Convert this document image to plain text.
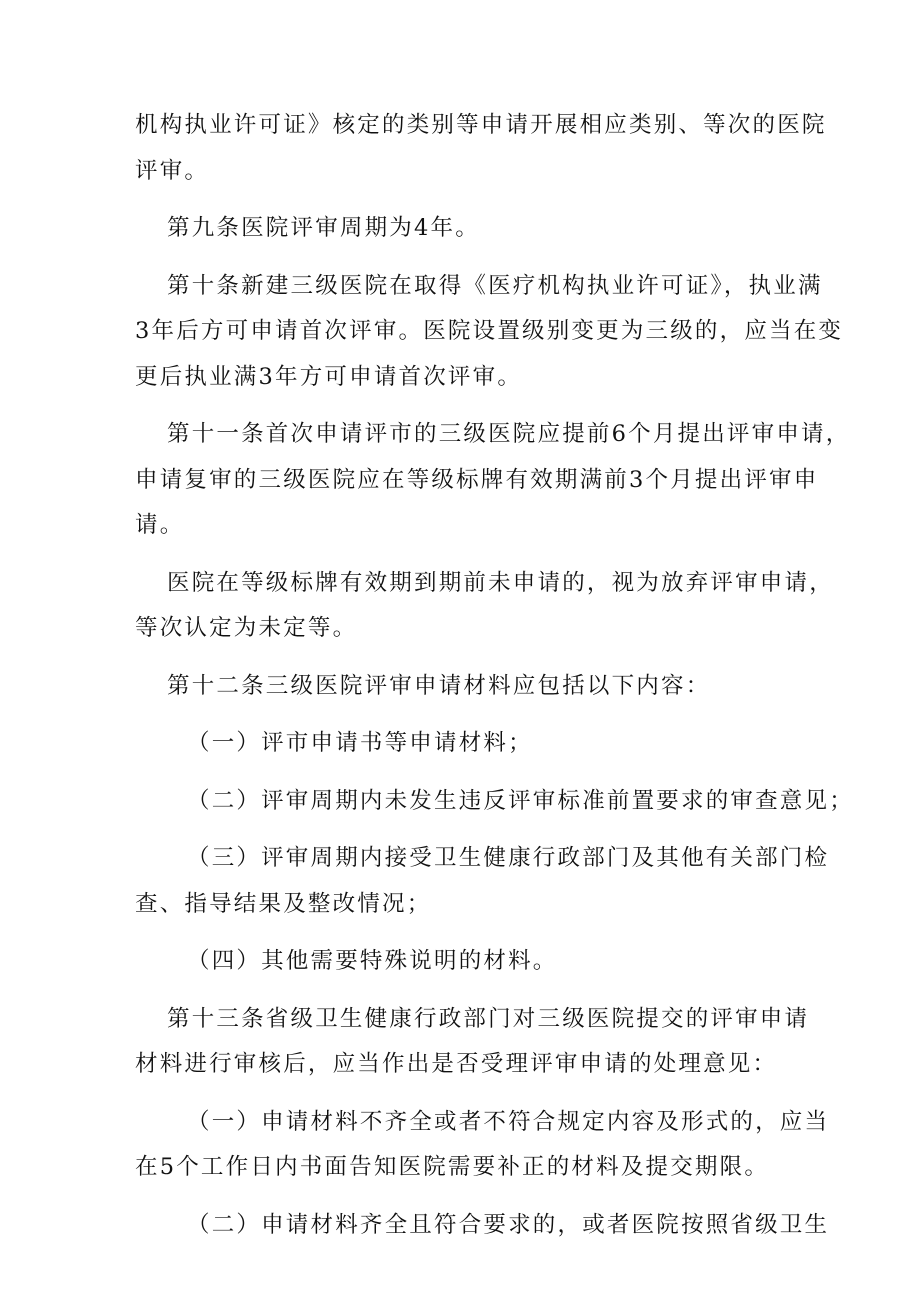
机构执业许可证》核定的类别等申请开展相应类别、等次的医院
评审。
第九条医院评审周期为4年。
第十条新建三级医院在取得《医疗机构执业许可证》，执业满
3年后方可申请首次评审。医院设置级别变更为三级的，应当在变
更后执业满3年方可申请首次评审。
第十一条首次申请评市的三级医院应提前6个月提出评审申请，
申请复审的三级医院应在等级标牌有效期满前3个月提出评审申
请。
医院在等级标牌有效期到期前未申请的，视为放弃评审申请，
等次认定为未定等。
第十二条三级医院评审申请材料应包括以下内容：
（一）评市申请书等申请材料；
（二）评审周期内未发生违反评审标准前置要求的审查意见；
（三）评审周期内接受卫生健康行政部门及其他有关部门检
查、指导结果及整改情况；
（四）其他需要特殊说明的材料。
第十三条省级卫生健康行政部门对三级医院提交的评审申请
材料进行审核后，应当作出是否受理评审申请的处理意见：
（一）申请材料不齐全或者不符合规定内容及形式的，应当
在5个工作日内书面告知医院需要补正的材料及提交期限。
（二）申请材料齐全且符合要求的，或者医院按照省级卫生
